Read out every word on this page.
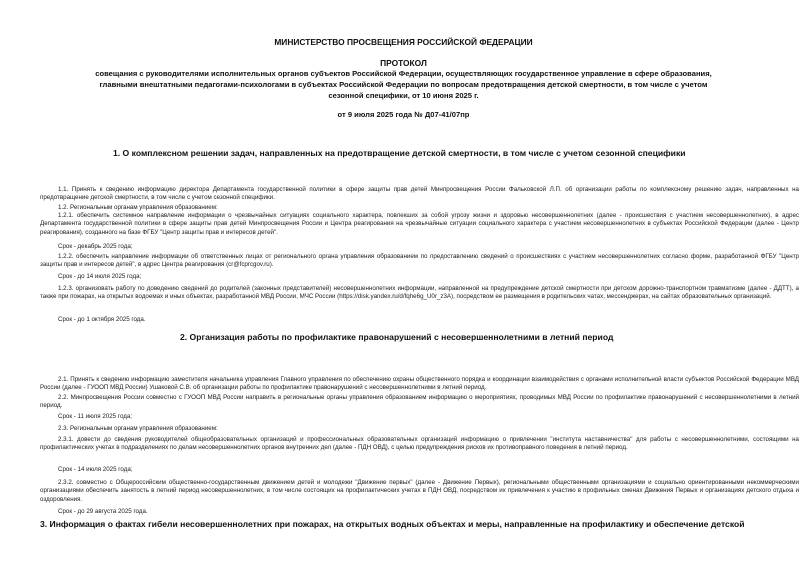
МИНИСТЕРСТВО ПРОСВЕЩЕНИЯ РОССИЙСКОЙ ФЕДЕРАЦИИ
ПРОТОКОЛ
совещания с руководителями исполнительных органов субъектов Российской Федерации, осуществляющих государственное управление в сфере образования,
главными внештатными педагогами-психологами в субъектах Российской Федерации по вопросам предотвращения детской смертности, в том числе с учетом
сезонной специфики, от 10 июня 2025 г.
от 9 июля 2025 года № Д07-41/07пр
1. О комплексном решении задач, направленных на предотвращение детской смертности, в том числе с учетом сезонной специфики
1.1. Принять к сведению информацию директора Департамента государственной политики в сфере защиты прав детей Минпросвещения России Фальковской Л.П. об организации работы по комплексному решению задач, направленных на предотвращение детской смертности, в том числе с учетом сезонной специфики.
1.2. Региональным органам управления образованием:
1.2.1. обеспечить системное направление информации о чрезвычайных ситуациях социального характера, повлекших за собой угрозу жизни и здоровью несовершеннолетних (далее - происшествия с участием несовершеннолетних), в адрес Департамента государственной политики в сфере защиты прав детей Минпросвещения России и Центра реагирования на чрезвычайные ситуации социального характера с участием несовершеннолетних в субъектах Российской Федерации (далее - Центр реагирования), созданного на базе ФГБУ "Центр защиты прав и интересов детей".
Срок - декабрь 2025 года;
1.2.2. обеспечить направление информации об ответственных лицах от регионального органа управления образованием по предоставлению сведений о происшествиях с участием несовершеннолетних согласно форме, разработанной ФГБУ "Центр защиты прав и интересов детей", в адрес Центра реагирования (cr@fcprcgov.ru).
Срок - до 14 июля 2025 года;
1.2.3. организовать работу по доведению сведений до родителей (законных представителей) несовершеннолетних информации, направленной на предупреждение детской смертности при детском дорожно-транспортном травматизме (далее - ДДТТ), а также при пожарах, на открытых водоемах и иных объектах, разработанной МВД России, МЧС России (https://disk.yandex.ru/d/fqhe6g_U0r_z3A), посредством ее размещения в родительских чатах, мессенджерах, на сайтах образовательных организаций.
Срок - до 1 октября 2025 года.
2. Организация работы по профилактике правонарушений с несовершеннолетними в летний период
2.1. Принять к сведению информацию заместителя начальника управления Главного управления по обеспечению охраны общественного порядка и координации взаимодействия с органами исполнительной власти субъектов Российской Федерации МВД России (далее - ГУООП МВД России) Ушаковой С.В. об организации работы по профилактике правонарушений с несовершеннолетними в летний период.
2.2. Минпросвещения России совместно с ГУООП МВД России направить в региональные органы управления образованием информацию о мероприятиях, проводимых МВД России по профилактике правонарушений с несовершеннолетними в летний период.
Срок - 11 июля 2025 года;
2.3. Региональным органам управления образованием:
2.3.1. довести до сведения руководителей общеобразовательных организаций и профессиональных образовательных организаций информацию о привлечении "института наставничества" для работы с несовершеннолетними, состоящими на профилактических учетах в подразделениях по делам несовершеннолетних органов внутренних дел (далее - ПДН ОВД), с целью предупреждения рисков их противоправного поведения в летний период.
Срок - 14 июля 2025 года;
2.3.2. совместно с Общероссийским общественно-государственным движением детей и молодежи "Движение первых" (далее - Движение Первых), региональными общественными организациями и социально ориентированными некоммерческими организациями обеспечить занятость в летний период несовершеннолетних, в том числе состоящих на профилактических учетах в ПДН ОВД, посредством их привлечения к участию в профильных сменах Движения Первых и организациях детского отдыха и оздоровления.
Срок - до 29 августа 2025 года.
3. Информация о фактах гибели несовершеннолетних при пожарах, на открытых водных объектах и меры, направленные на профилактику и обеспечение детской
